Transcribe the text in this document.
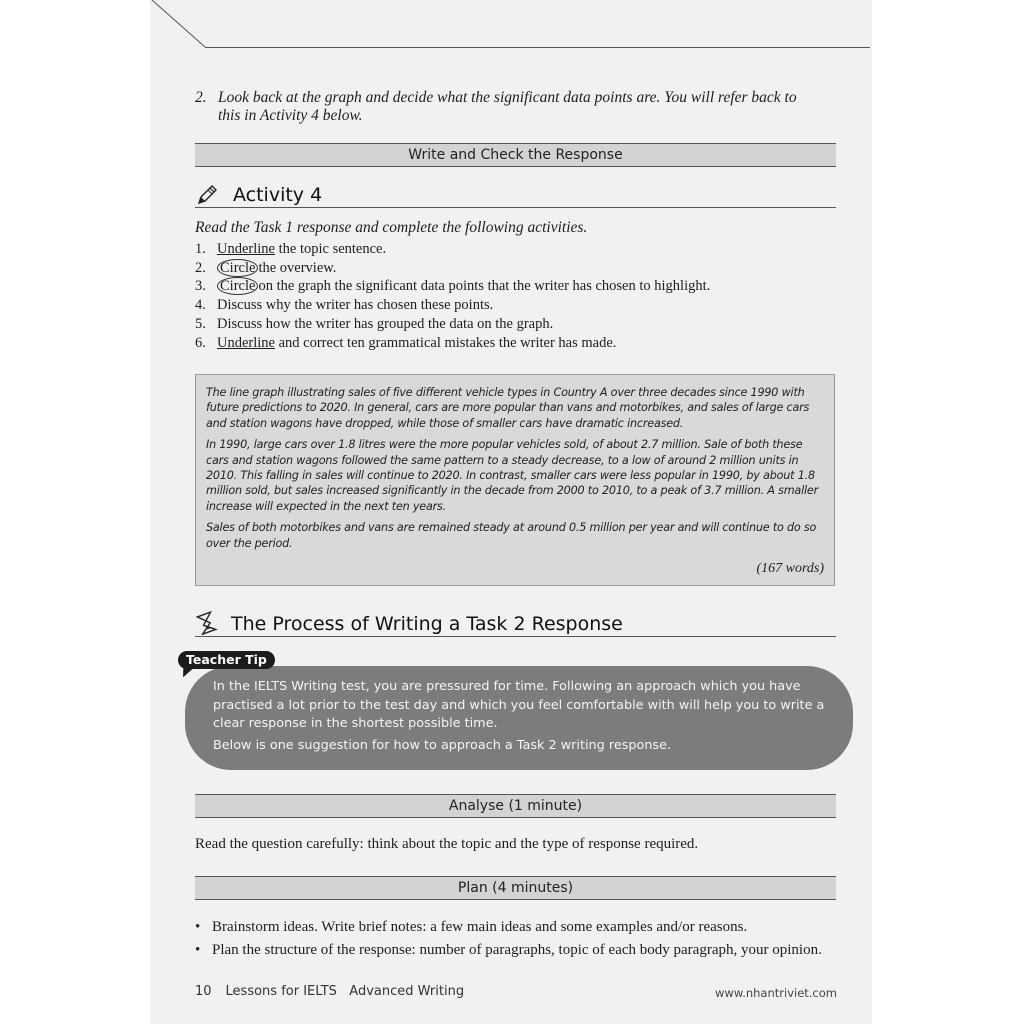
2. Look back at the graph and decide what the significant data points are. You will refer back to
this in Activity 4 below.
Write and Check the Response
Activity 4
Read the Task 1 response and complete the following activities.
1. Underline the topic sentence.
2. Circle the overview.
3. Circle on the graph the significant data points that the writer has chosen to highlight.
4. Discuss why the writer has chosen these points.
5. Discuss how the writer has grouped the data on the graph.
6. Underline and correct ten grammatical mistakes the writer has made.

The line graph illustrating sales of five different vehicle types in Country A over three decades since 1990 with future predictions to 2020. In general, cars are more popular than vans and motorbikes, and sales of large cars and station wagons have dropped, while those of smaller cars have dramatic increased.

In 1990, large cars over 1.8 litres were the more popular vehicles sold, of about 2.7 million. Sale of both these cars and station wagons followed the same pattern to a steady decrease, to a low of around 2 million units in 2010. This falling in sales will continue to 2020. In contrast, smaller cars were less popular in 1990, by about 1.8 million sold, but sales increased significantly in the decade from 2000 to 2010, to a peak of 3.7 million. A smaller increase will expected in the next ten years.

Sales of both motorbikes and vans are remained steady at around 0.5 million per year and will continue to do so over the period.

(167 words)
The Process of Writing a Task 2 Response
Teacher Tip

In the IELTS Writing test, you are pressured for time. Following an approach which you have practised a lot prior to the test day and which you feel comfortable with will help you to write a clear response in the shortest possible time.

Below is one suggestion for how to approach a Task 2 writing response.

Analyse (1 minute)
Read the question carefully: think about the topic and the type of response required.
Plan (4 minutes)
• Brainstorm ideas. Write brief notes: a few main ideas and some examples and/or reasons.
• Plan the structure of the response: number of paragraphs, topic of each body paragraph, your opinion.
10 Lessons for IELTS   Advanced Writing	www.nhantriviet.com
